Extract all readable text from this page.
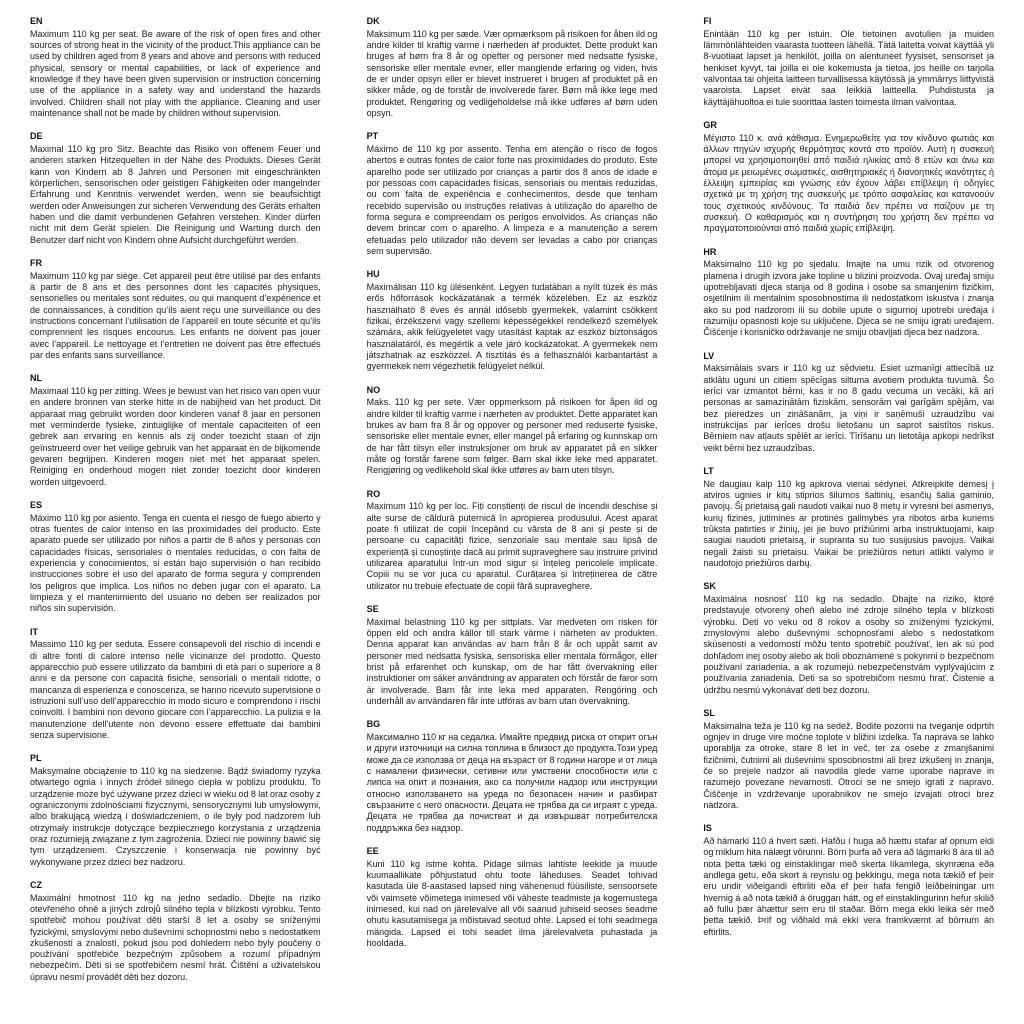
EN

Maximum 110 kg per seat. Be aware of the risk of open fires and other sources of strong heat in the vicinity of the product.This appliance can be used by children aged from 8 years and above and persons with reduced physical, sensory or mental capabilities, or lack of experience and knowledge if they have been given supervision or instruction concerning use of the appliance in a safety way and understand the hazards involved. Children shall not play with the appliance. Cleaning and user maintenance shall not be made by children without supervision.

DE

Maximal 110 kg pro Sitz. Beachte das Risiko von offenem Feuer und anderen starken Hitzequellen in der Nähe des Produkts. Dieses Gerät kann von Kindern ab 8 Jahren und Personen mit eingeschränkten körperlichen, sensorischen oder geistigen Fähigkeiten oder mangelnder Erfahrung und Kenntnis verwendet werden, wenn sie beaufsichtigt werden oder Anweisungen zur sicheren Verwendung des Geräts erhalten haben und die damit verbundenen Gefahren verstehen. Kinder dürfen nicht mit dem Gerät spielen. Die Reinigung und Wartung durch den Benutzer darf nicht von Kindern ohne Aufsicht durchgeführt werden.

FR

Maximum 110 kg par siège. Cet appareil peut être utilisé par des enfants à partir de 8 ans et des personnes dont les capacités physiques, sensorielles ou mentales sont réduites, ou qui manquent d’expérience et de connaissances, à condition qu’ils aient reçu une surveillance ou des instructions concernant l’utilisation de l’appareil en toute sécurité et qu’ils comprennent les risques encourus. Les enfants ne doivent pas jouer avec l’appareil. Le nettoyage et l’entretien ne doivent pas être effectués par des enfants sans surveillance.

NL

Maximaal 110 kg per zitting. Wees je bewust van het risico van open vuur en andere bronnen van sterke hitte in de nabijheid van het product. Dit apparaat mag gebruikt worden door kinderen vanaf 8 jaar en personen met verminderde fysieke, zintuiglijke of mentale capaciteiten of een gebrek aan ervaring en kennis als zij onder toezicht staan of zijn geïnstrueerd over het veilige gebruik van het apparaat en de bijkomende gevaren begrijpen. Kinderen mogen niet met het apparaat spelen. Reiniging en onderhoud mogen niet zonder toezicht door kinderen worden uitgevoerd.

ES

Máximo 110 kg por asiento. Tenga en cuenta el riesgo de fuego abierto y otras fuentes de calor intenso en las proximidades del producto. Este aparato puede ser utilizado por niños a partir de 8 años y personas con capacidades físicas, sensoriales o mentales reducidas, o con falta de experiencia y conocimientos, si están bajo supervisión o han recibido instrucciones sobre el uso del aparato de forma segura y comprenden los peligros que implica. Los niños no deben jugar con el aparato. La limpieza y el mantenimiento del usuario no deben ser realizados por niños sin supervisión.

IT

Massimo 110 kg per seduta. Essere consapevoli del rischio di incendi e di altre fonti di calore intenso nelle vicinanze del prodotto. Questo apparecchio può essere utilizzato da bambini di età pari o superiore a 8 anni e da persone con capacità fisiche, sensoriali o mentali ridotte, o mancanza di esperienza e conoscenza, se hanno ricevuto supervisione o istruzioni sull’uso dell’apparecchio in modo sicuro e comprendono i rischi coinvolti. I bambini non devono giocare con l’apparecchio. La pulizia e la manutenzione dell’utente non devono essere effettuate dai bambini senza supervisione.

PL

Maksymalne obciążenie to 110 kg na siedzenie. Bądź świadomy ryzyka otwartego ognia i innych źródeł silnego ciepła w pobliżu produktu. To urządzenie może być używane przez dzieci w wieku od 8 lat oraz osoby z ograniczonymi zdolnościami fizycznymi, sensorycznymi lub umysłowymi, albo brakującą wiedzą i doświadczeniem, o ile były pod nadzorem lub otrzymały instrukcje dotyczące bezpiecznego korzystania z urządzenia oraz rozumieją związane z tym zagrożenia. Dzieci nie powinny bawić się tym urządzeniem. Czyszczenie i konserwacja nie powinny być wykonywane przez dzieci bez nadzoru.

CZ

Maximální hmotnost 110 kg na jedno sedadlo. Dbejte na riziko otevřeného ohně a jiných zdrojů silného tepla v blízkosti výrobku. Tento spotřebič mohou používat děti starší 8 let a osoby se sníženými fyzickými, smyslovými nebo duševními schopnostmi nebo s nedostatkem zkušeností a znalostí, pokud jsou pod dohledem nebo byly poučeny o používání spotřebiče bezpečným způsobem a rozumí případným nebezpečím. Děti si se spotřebičem nesmí hrát. Čištění a uživatelskou úpravu nesmí provádět děti bez dozoru.

DK

Maksimum 110 kg per sæde. Vær opmærksom på risikoen for åben ild og andre kilder til kraftig varme i nærheden af produktet. Dette produkt kan bruges af børn fra 8 år og opefter og personer med nedsatte fysiske, sensoriske eller mentale evner, eller manglende erfaring og viden, hvis de er under opsyn eller er blevet instrueret i brugen af produktet på en sikker måde, og de forstår de involverede farer. Børn må ikke lege med produktet. Rengøring og vedligeholdelse må ikke udføres af børn uden opsyn.

PT

Máximo de 110 kg por assento. Tenha em atenção o risco de fogos abertos e outras fontes de calor forte nas proximidades do produto. Este aparelho pode ser utilizado por crianças a partir dos 8 anos de idade e por pessoas com capacidades físicas, sensoriais ou mentais reduzidas, ou com falta de experiência e conhecimentos, desde que tenham recebido supervisão ou instruções relativas à utilização do aparelho de forma segura e compreendam os perigos envolvidos. As crianças não devem brincar com o aparelho. A limpeza e a manutenção a serem efetuadas pelo utilizador não devem ser levadas a cabo por crianças sem supervisão.

HU

Maximálisan 110 kg ülésenként. Legyen tudatában a nyílt tüzek és más erős hőforrások kockázatának a termék közelében. Ez az eszköz használható 8 éves és annál idősebb gyermekek, valamint csökkent fizikai, érzékszervi vagy szellemi képességekkel rendelkező személyek számára, akik felügyeletet vagy utasítást kaptak az eszköz biztonságos használatáról, és megértik a vele járó kockázatokat. A gyermekek nem játszhatnak az eszközzel. A tisztítás és a felhasználói karbantartást a gyermekek nem végezhetik felügyelet nélkül.

NO

Maks. 110 kg per sete. Vær oppmerksom på risikoen for åpen ild og andre kilder til kraftig varme i nærheten av produktet. Dette apparatet kan brukes av barn fra 8 år og oppover og personer med reduserte fysiske, sensoriske eller mentale evner, eller mangel på erfaring og kunnskap om de har fått tilsyn eller instruksjoner om bruk av apparatet på en sikker måte og forstår farene som følger. Barn skal ikke leke med apparatet. Rengjøring og vedlikehold skal ikke utføres av barn uten tilsyn.

RO

Maximum 110 kg per loc. Fiți conștienți de riscul de incendii deschise și alte surse de căldură puternică în apropierea produsului. Acest aparat poate fi utilizat de copii începând cu vârsta de 8 ani și peste și de persoane cu capacități fizice, senzoriale sau mentale sau lipsă de experiență și cunoștințe dacă au primit supraveghere sau instruire privind utilizarea aparatului într-un mod sigur și înțeleg pericolele implicate. Copiii nu se vor juca cu aparatul. Curățarea și întreținerea de către utilizator nu trebuie efectuate de copii fără supraveghere.

SE

Maximal belastning 110 kg per sittplats. Var medveten om risken för öppen eld och andra källor till stark värme i närheten av produkten. Denna apparat kan användas av barn från 8 år och uppåt samt av personer med nedsatta fysiska, sensoriska eller mentala förmågor, eller brist på erfarenhet och kunskap, om de har fått övervakning eller instruktioner om säker användning av apparaten och förstår de faror som är involverade. Barn får inte leka med apparaten. Rengöring och underhåll av användaren får inte utföras av barn utan övervakning.

BG

Максимално 110 кг на седалка. Имайте предвид риска от открит огън и други източници на силна топлина в близост до продукта.Този уред може да се използва от деца на възраст от 8 години нагоре и от лица с намалени физически, сетивни или умствени способности или с липса на опит и познания, ако са получили надзор или инструкции относно използването на уреда по безопасен начин и разбират свързаните с него опасности. Децата не трябва да си играят с уреда. Децата не трябва да почистват и да извършват потребителска поддръжка без надзор.

EE

Kuni 110 kg istme kohta. Pidage silmas lahtiste leekide ja muude kuumaallikate põhjustatud ohtu toote läheduses. Seadet tohivad kasutada üle 8-aastased lapsed ning vähenenud füüsiliste, sensoorsete või vaimsete võimetega inimesed või väheste teadmiste ja kogemustega inimesed, kui nad on järelevalve all või saanud juhiseid seoses seadme ohutu kasutamisega ja mõistavad seotud ohte. Lapsed ei tohi seadmega mängida. Lapsed ei tohi seadet ilma järelevalveta puhastada ja hooldada.

FI

Enintään 110 kg per istuin. Ole tietoinen avotulien ja muiden lämmönlähteiden vaarasta tuotteen lähellä. Tätä laitetta voivat käyttää yli 8-vuotiaat lapset ja henkilöt, joilla on alentuneet fyysiset, sensoriset ja henkiset kyvyt, tai joilla ei ole kokemusta ja tietoa, jos heille on tarjolla valvontaa tai ohjeita laitteen turvallisessa käytössä ja ymmärrys liittyvistä vaaroista. Lapset eivät saa leikkiä laitteella. Puhdistusta ja käyttäjähuoltoa ei tule suorittaa lasten toimesta ilman valvontaa.

GR

Μέγιστο 110 κ. ανά κάθισμα. Ενημερωθείτε για τον κίνδυνο φωτιάς και άλλων πηγών ισχυρής θερμότητας κοντά στο προϊόν. Αυτή η συσκευή μπορεί να χρησιμοποιηθεί από παιδιά ηλικίας από 8 ετών και άνω και άτομα με μειωμένες σωματικές, αισθητηριακές ή διανοητικές ικανότητες ή έλλειψη εμπειρίας και γνώσης εάν έχουν λάβει επίβλεψη ή οδηγίες σχετικά με τη χρήση της συσκευής με τρόπο ασφαλείας και κατανοούν τους σχετικούς κινδύνους. Τα παιδιά δεν πρέπει να παίζουν με τη συσκευή. Ο καθαρισμός και η συντήρηση του χρήστη δεν πρέπει να πραγματοποιούνται από παιδιά χωρίς επίβλεψη.

HR

Maksimalno 110 kg po sjedalu. Imajte na umu rizik od otvorenog plamena i drugih izvora jake topline u blizini proizvoda. Ovaj uređaj smiju upotrebljavati djeca starija od 8 godina i osobe sa smanjenim fizičkim, osjetilnim ili mentalnim sposobnostima ili nedostatkom iskustva i znanja ako su pod nadzorom ili su dobile upute o sigurnoj upotrebi uređaja i razumiju opasnosti koje su uključene. Djeca se ne smiju igrati uređajem. Čišćenje i korisničko održavanje ne smiju obavljati djeca bez nadzora.

LV

Maksimālais svars ir 110 kg uz sēdvietu. Esiet uzmanīgi attiecībā uz atklātu uguni un citiem spēcīgas siltuma avotiem produkta tuvumā. Šo ierīci var izmantot bērni, kas ir no 8 gadu vecuma un vecāki, kā arī personas ar samazinātām fiziskām, sensorām vai garīgām spējām, vai bez pieredzes un zināšanām, ja viņi ir saņēmuši uzraudzību vai instrukcijas par ierīces drošu lietošanu un saprot saistītos riskus. Bērniem nav atļauts spēlēt ar ierīci. Tīrīšanu un lietotāja apkopi nedrīkst veikt bērni bez uzraudzības.

LT

Ne daugiau kaip 110 kg apkrova vienai sėdynei. Atkreipkite dėmesį į atviros ugnies ir kitų stiprios šilumos šaltinių, esančių šalia gaminio, pavojų. Šį prietaisą gali naudoti vaikai nuo 8 metų ir vyresni bei asmenys, kurių fizinės, jutiminės ar protinės galimybės yra ribotos arba kuriems trūksta patirties ir žinių, jei jie buvo prižiūrimi arba instruktuojami, kaip saugiai naudoti prietaisą, ir supranta su tuo susijusius pavojus. Vaikai negali žaisti su prietaisu. Vaikai be priežiūros neturi atlikti valymo ir naudotojo priežiūros darbų.

SK

Maximálna nosnosť 110 kg na sedadlo. Dbajte na riziko, ktoré predstavuje otvorený oheň alebo iné zdroje silného tepla v blízkosti výrobku. Deti vo veku od 8 rokov a osoby so zníženými fyzickými, zmyslovými alebo duševnými schopnosťami alebo s nedostatkom skúseností a vedomostí môžu tento spotrebič používať, len ak sú pod dohľadom inej osoby alebo ak boli oboznámené s pokynmi o bezpečnom používaní zariadenia, a ak rozumejú nebezpečenstvám vyplývajúcim z používania zariadenia. Deti sa so spotrebičom nesmú hrať. Čistenie a údržbu nesmú vykonávať deti bez dozoru.

SL

Maksimalna teža je 110 kg na sedež. Bodite pozorni na tveganje odprtih ognjev in druge vire močne toplote v bližini izdelka. Ta naprava se lahko uporablja za otroke, stare 8 let in več, ter za osebe z zmanjšanimi fizičnimi, čutnimi ali duševnimi sposobnostmi ali brez izkušenj in znanja, če so prejele nadzor ali navodila glede varne uporabe naprave in razumejo povezane nevarnosti. Otroci se ne smejo igrati z napravo. Čiščenje in vzdrževanje uporabnikov ne smejo izvajati otroci brez nadzora.

IS

Að hámarki 110 á hvert sæti. Hafðu í huga að hættu stafar af opnum eldi og miklum hita nálægt vörunni. Börn þurfa að vera að lágmarki 8 ára til að nota þetta tæki og einstaklingar með skerta líkamlega, skynræna eða andlega getu, eða skort á reynslu og þekkingu, mega nota tækið ef þeir eru undir viðeigandi eftirliti eða ef þeir hafa fengið leiðbeiningar um hvernig á að nota tækið á öruggan hátt, og ef einstaklingurinn hefur skilið að fullu þær áhættur sem eru til staðar. Börn mega ekki leika sér með þetta tækið. Þrif og viðhald má ekki vera framkvæmt af börnum án eftirlits.
